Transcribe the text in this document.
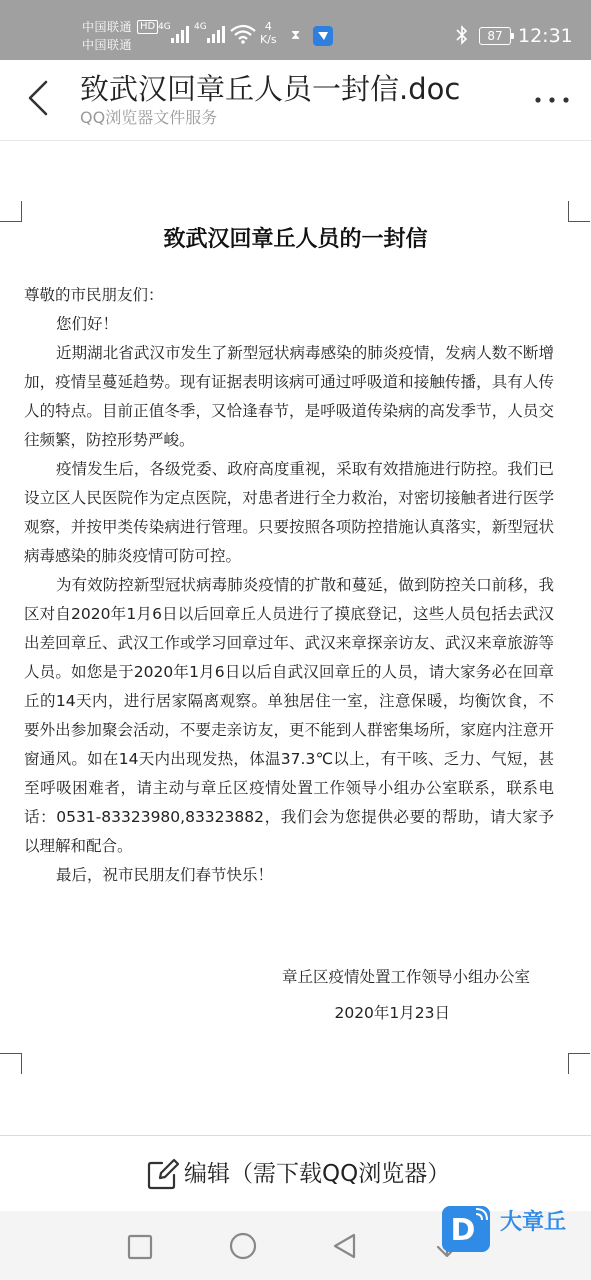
中国联通
中国联通
HD 4G	4G	4
K/s ⧗	87 12:31
致武汉回章丘人员一封信.doc
QQ浏览器文件服务
致武汉回章丘人员的一封信

尊敬的市民朋友们：

您们好！

近期湖北省武汉市发生了新型冠状病毒感染的肺炎疫情，发病人数不断增加，疫情呈蔓延趋势。现有证据表明该病可通过呼吸道和接触传播，具有人传人的特点。目前正值冬季，又恰逢春节，是呼吸道传染病的高发季节，人员交往频繁，防控形势严峻。

疫情发生后，各级党委、政府高度重视，采取有效措施进行防控。我们已设立区人民医院作为定点医院，对患者进行全力救治，对密切接触者进行医学观察，并按甲类传染病进行管理。只要按照各项防控措施认真落实，新型冠状病毒感染的肺炎疫情可防可控。

为有效防控新型冠状病毒肺炎疫情的扩散和蔓延，做到防控关口前移，我区对自2020年1月6日以后回章丘人员进行了摸底登记，这些人员包括去武汉出差回章丘、武汉工作或学习回章过年、武汉来章探亲访友、武汉来章旅游等人员。如您是于2020年1月6日以后自武汉回章丘的人员，请大家务必在回章丘的14天内，进行居家隔离观察。单独居住一室，注意保暖，均衡饮食，不要外出参加聚会活动，不要走亲访友，更不能到人群密集场所，家庭内注意开窗通风。如在14天内出现发热，体温37.3℃以上，有干咳、乏力、气短，甚至呼吸困难者，请主动与章丘区疫情处置工作领导小组办公室联系，联系电话：0531-83323980,83323882，我们会为您提供必要的帮助，请大家予以理解和配合。

最后，祝市民朋友们春节快乐！

章丘区疫情处置工作领导小组办公室
2020年1月23日
编辑（需下载QQ浏览器）
D 大章丘
